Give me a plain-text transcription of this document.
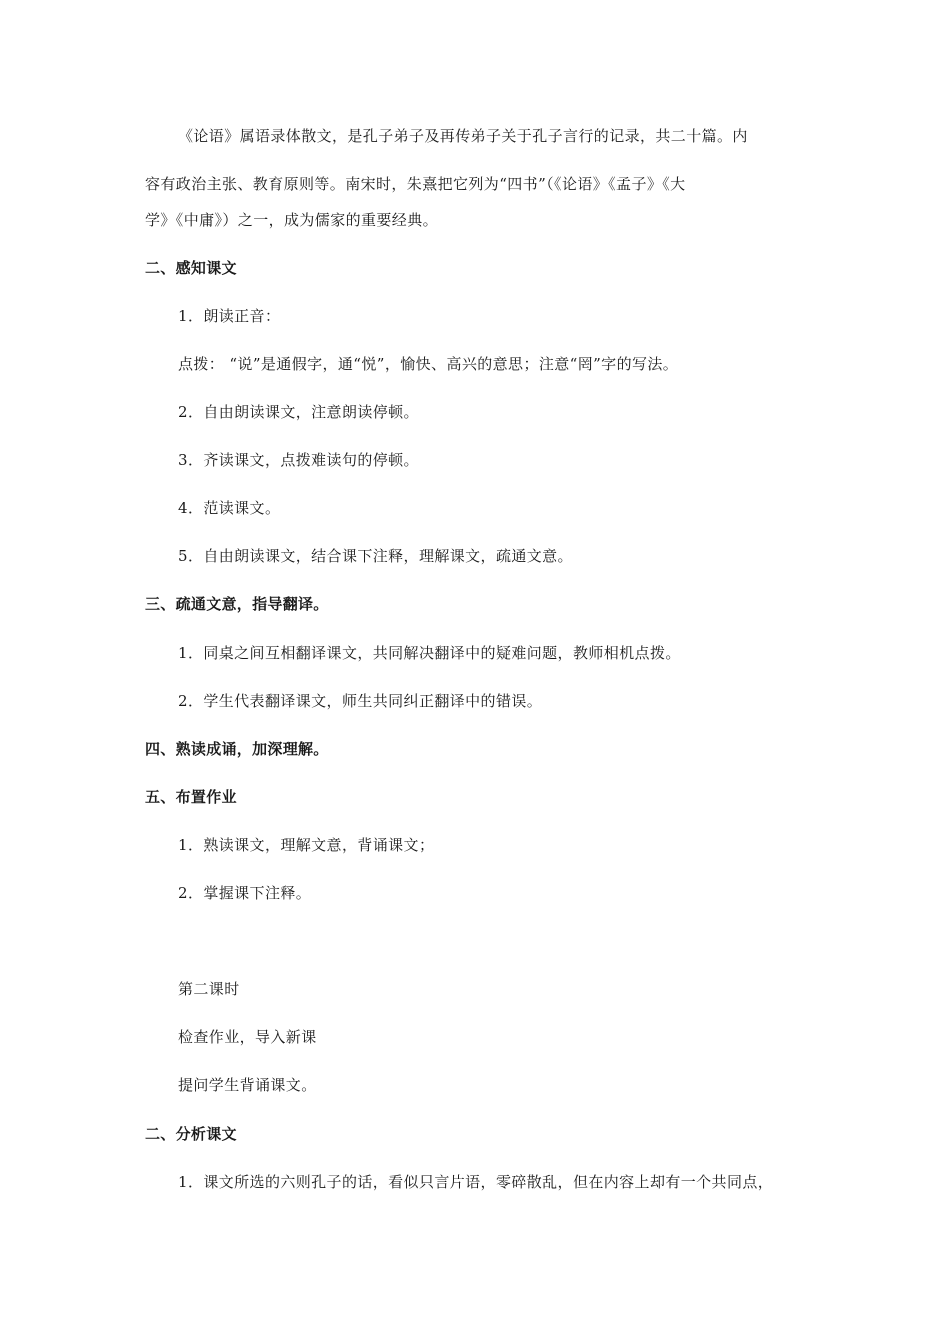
《论语》属语录体散文，是孔子弟子及再传弟子关于孔子言行的记录，共二十篇。内
容有政治主张、教育原则等。南宋时，朱熹把它列为“四书”（《论语》《孟子》《大
学》《中庸》）之一，成为儒家的重要经典。
二、感知课文
1．朗读正音：
点拨： “说”是通假字，通“悦”，愉快、高兴的意思；注意“罔”字的写法。
2．自由朗读课文，注意朗读停顿。
3．齐读课文，点拨难读句的停顿。
4．范读课文。
5．自由朗读课文，结合课下注释，理解课文，疏通文意。
三、疏通文意，指导翻译。
1．同桌之间互相翻译课文，共同解决翻译中的疑难问题，教师相机点拨。
2．学生代表翻译课文，师生共同纠正翻译中的错误。
四、熟读成诵，加深理解。
五、布置作业
1．熟读课文，理解文意，背诵课文；
2．掌握课下注释。
第二课时
检查作业，导入新课
提问学生背诵课文。
二、分析课文
1．课文所选的六则孔子的话，看似只言片语，零碎散乱，但在内容上却有一个共同点，
